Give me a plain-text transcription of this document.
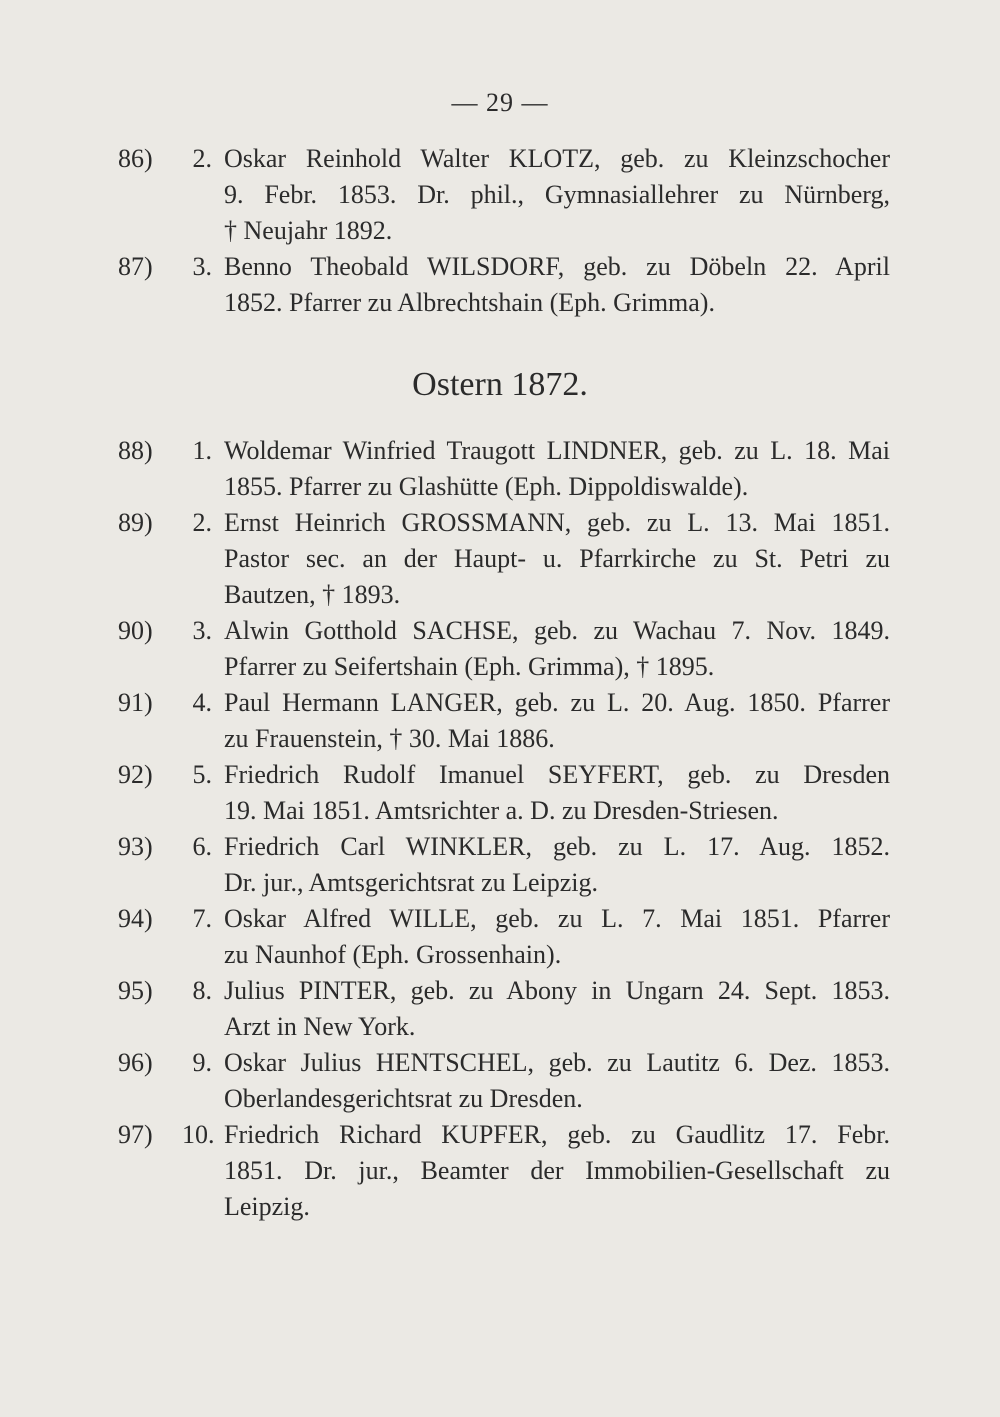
— 29 —
86)	2. Oskar Reinhold Walter KLOTZ, geb. zu Kleinzschocher
9. Febr. 1853. Dr. phil., Gymnasiallehrer zu Nürnberg,
† Neujahr 1892.
87)	3. Benno Theobald WILSDORF, geb. zu Döbeln 22. April
1852. Pfarrer zu Albrechtshain (Eph. Grimma).
Ostern 1872.
88)	1. Woldemar Winfried Traugott LINDNER, geb. zu L. 18. Mai
1855. Pfarrer zu Glashütte (Eph. Dippoldiswalde).
89)	2. Ernst Heinrich GROSSMANN, geb. zu L. 13. Mai 1851.
Pastor sec. an der Haupt- u. Pfarrkirche zu St. Petri zu
Bautzen, † 1893.
90)	3. Alwin Gotthold SACHSE, geb. zu Wachau 7. Nov. 1849.
Pfarrer zu Seifertshain (Eph. Grimma), † 1895.
91)	4. Paul Hermann LANGER, geb. zu L. 20. Aug. 1850. Pfarrer
zu Frauenstein, † 30. Mai 1886.
92)	5. Friedrich Rudolf Imanuel SEYFERT, geb. zu Dresden
19. Mai 1851. Amtsrichter a. D. zu Dresden-Striesen.
93)	6. Friedrich Carl WINKLER, geb. zu L. 17. Aug. 1852.
Dr. jur., Amtsgerichtsrat zu Leipzig.
94)	7. Oskar Alfred WILLE, geb. zu L. 7. Mai 1851. Pfarrer
zu Naunhof (Eph. Grossenhain).
95)	8. Julius PINTER, geb. zu Abony in Ungarn 24. Sept. 1853.
Arzt in New York.
96)	9. Oskar Julius HENTSCHEL, geb. zu Lautitz 6. Dez. 1853.
Oberlandesgerichtsrat zu Dresden.
97) 10. Friedrich Richard KUPFER, geb. zu Gaudlitz 17. Febr.
1851. Dr. jur., Beamter der Immobilien-Gesellschaft zu
Leipzig.
